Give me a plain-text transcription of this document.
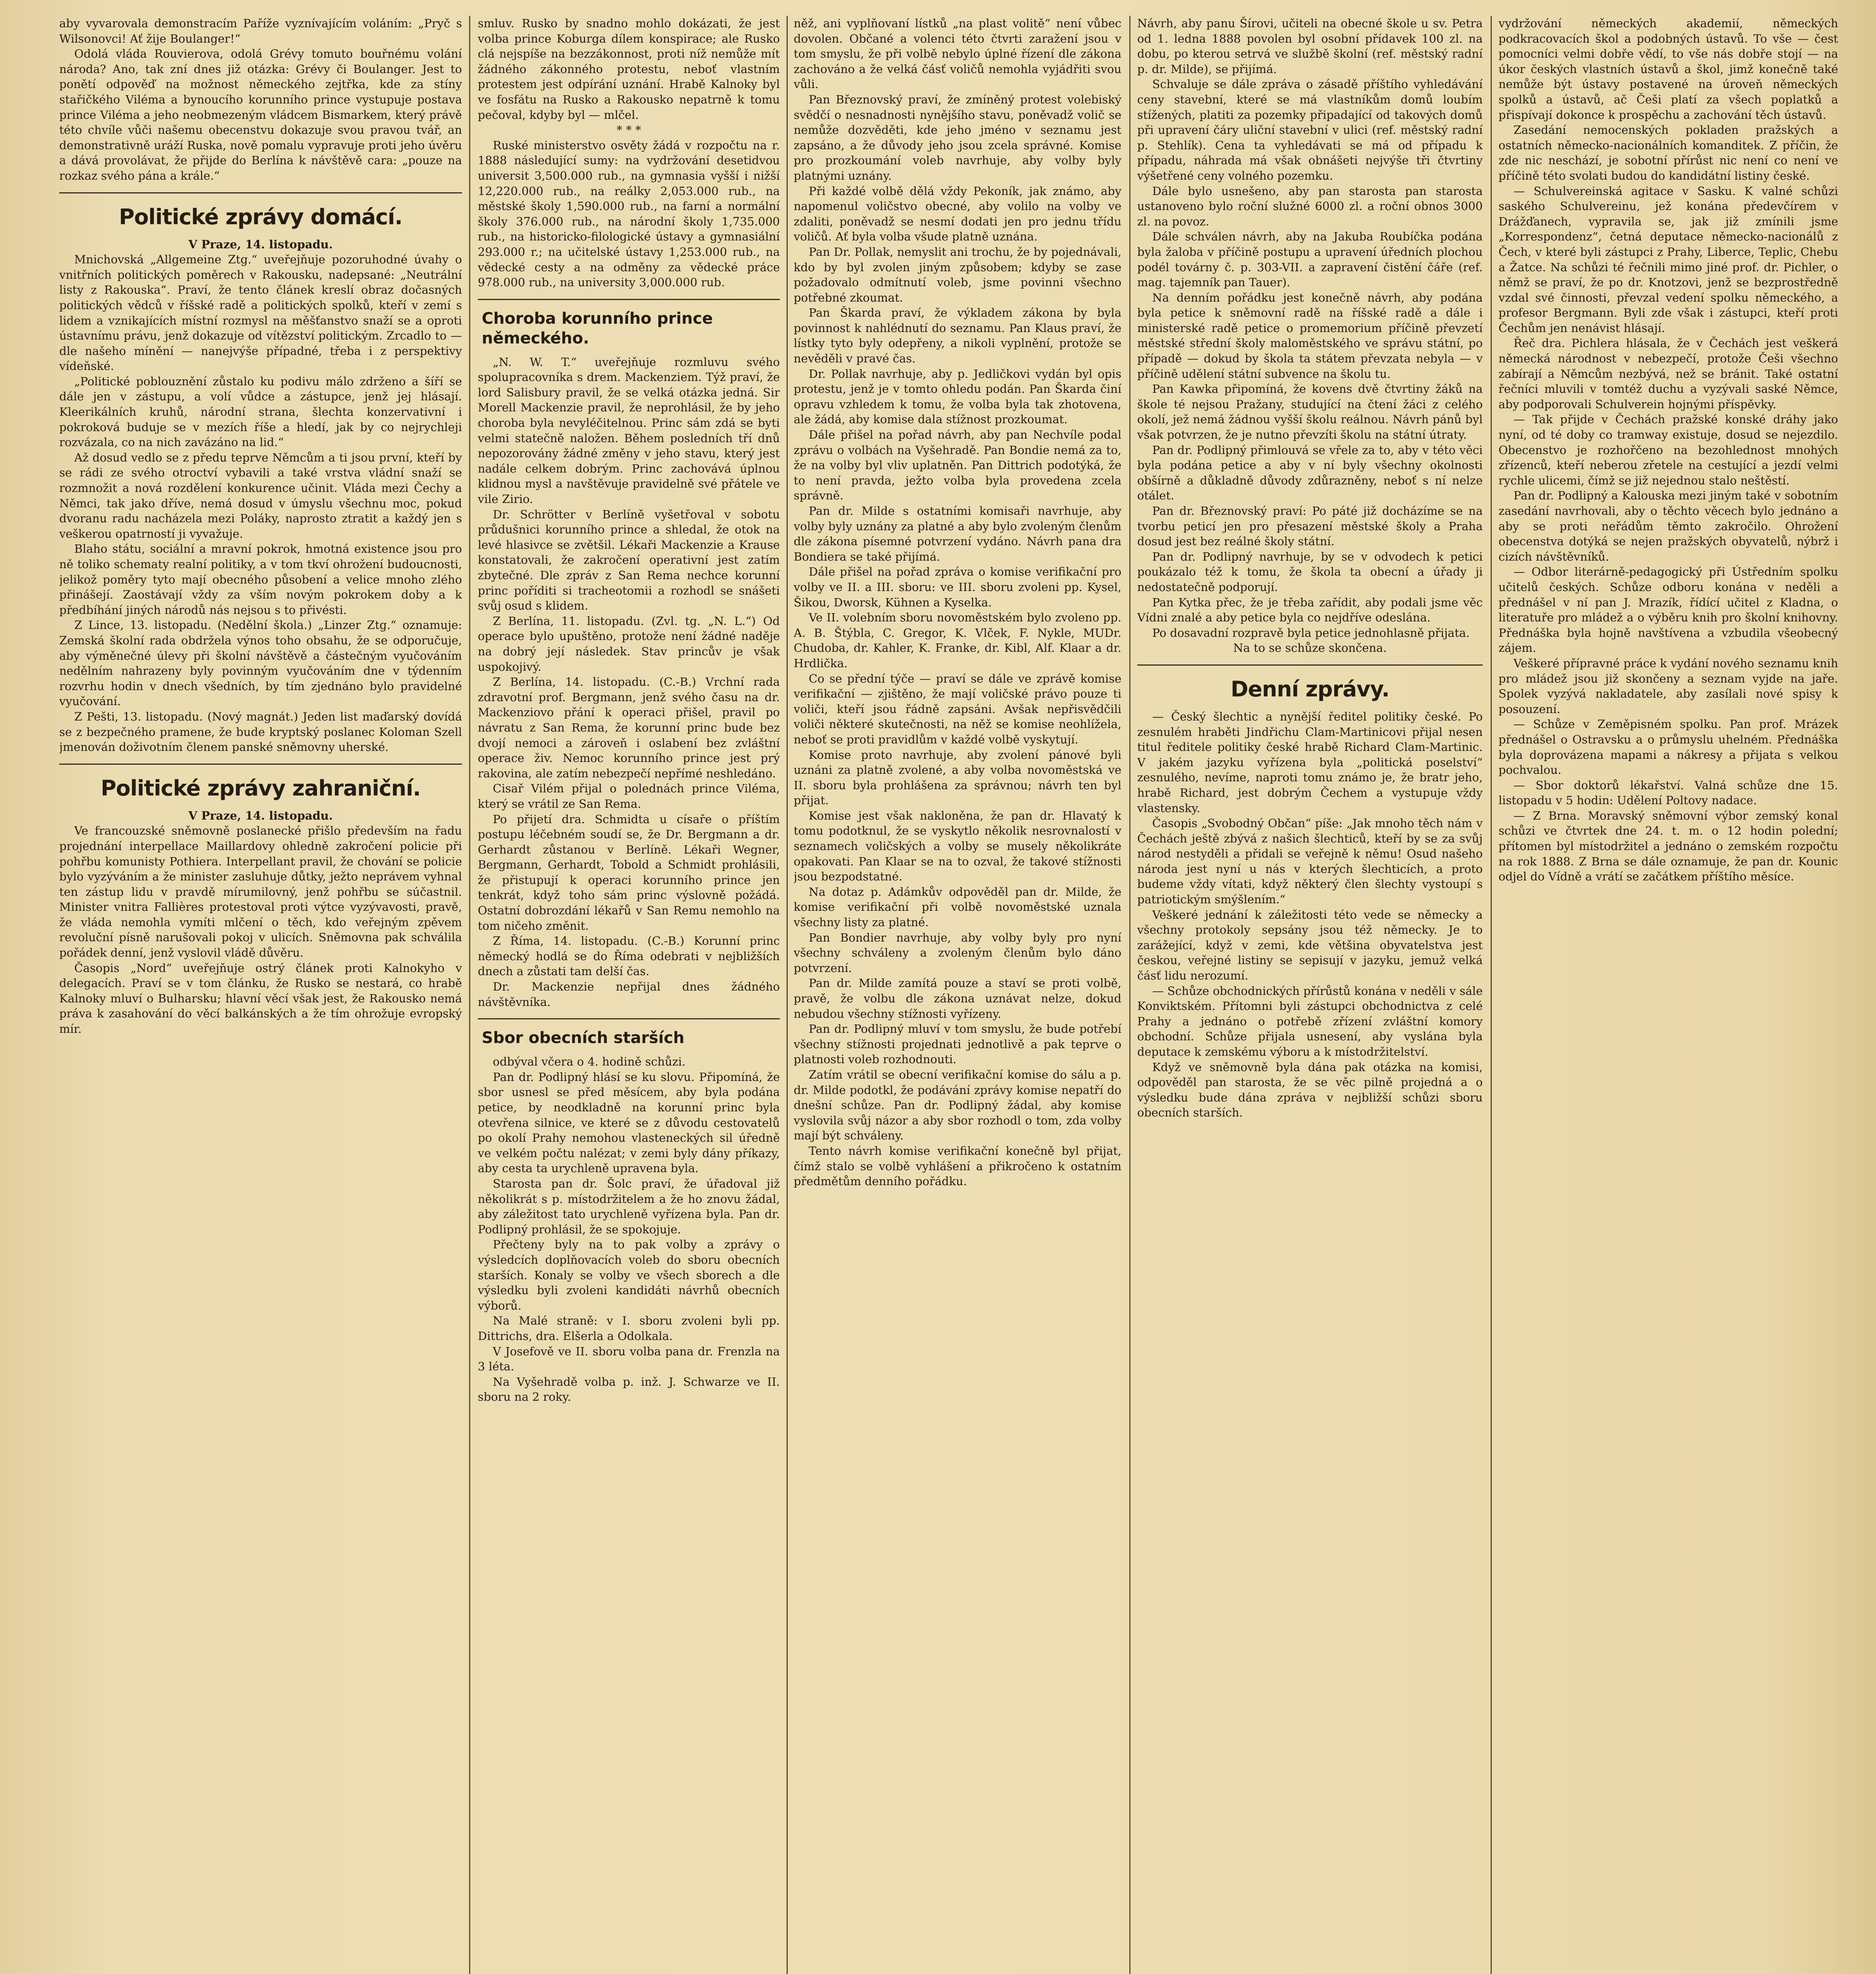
aby vyvarovala demonstracím Paříže vyznívajícím voláním: „Pryč s Wilsonovci! Ať žije Boulanger!“

Odolá vláda Rouvierova, odolá Grévy tomuto bouřnému volání národa? Ano, tak zní dnes již otázka: Grévy či Boulanger. Jest to ponětí odpověď na možnost německého zejtřka, kde za stíny stařičkého Viléma a bynoucího korunního prince vystupuje postava prince Viléma a jeho neobmezeným vládcem Bismarkem, který právě této chvíle vůči našemu obecenstvu dokazuje svou pravou tvář, an demonstrativně uráží Ruska, nově pomalu vypravuje proti jeho úvěru a dává provolávat, že přijde do Berlína k návštěvě cara: „pouze na rozkaz svého pána a krále.“

Politické zprávy domácí.

V Praze, 14. listopadu.

Mnichovská „Allgemeine Ztg.“ uveřejňuje pozoruhodné úvahy o vnitřních politických poměrech v Rakousku, nadepsané: „Neutrální listy z Rakouska“. Praví, že tento článek kreslí obraz dočasných politických vědců v říšské radě a politických spolků, kteří v zemí s lidem a vznikajících místní rozmysl na měšťanstvo snaží se a oproti ústavnímu právu, jenž dokazuje od vítězství politickým. Zrcadlo to — dle našeho mínění — nanejvýše případné, třeba i z perspektivy vídeňské.

„Politické poblouznění zůstalo ku podivu málo zdrženo a šíří se dále jen v zástupu, a volí vůdce a zástupce, jenž jej hlásají. Kleerikálních kruhů, národní strana, šlechta konzervativní i pokroková buduje se v mezích říše a hledí, jak by co nejrychleji rozvázala, co na nich zavázáno na lid.“

Až dosud vedlo se z předu teprve Němcům a ti jsou první, kteří by se rádi ze svého otroctví vybavili a také vrstva vládní snaží se rozmnožit a nová rozdělení konkurence učinit. Vláda mezi Čechy a Němci, tak jako dříve, nemá dosud v úmyslu všechnu moc, pokud dvoranu radu nacházela mezi Poláky, naprosto ztratit a každý jen s veškerou opatrností ji vyvažuje.

Blaho státu, sociální a mravní pokrok, hmotná existence jsou pro ně toliko schematy realní politiky, a v tom tkví ohrožení budoucnosti, jelikož poměry tyto mají obecného působení a velice mnoho zlého přinášejí. Zaostávají vždy za vším novým pokrokem doby a k předbíhání jiných národů nás nejsou s to přivésti.

Z Lince, 13. listopadu. (Nedělní škola.) „Linzer Ztg.“ oznamuje: Zemská školní rada obdržela výnos toho obsahu, že se odporučuje, aby výměnečné úlevy při školní návštěvě a částečným vyučováním nedělním nahrazeny byly povinným vyučováním dne v týdenním rozvrhu hodin v dnech všedních, by tím zjednáno bylo pravidelné vyučování.

Z Pešti, 13. listopadu. (Nový magnát.) Jeden list maďarský dovídá se z bezpečného pramene, že bude kryptský poslanec Koloman Szell jmenován doživotním členem panské sněmovny uherské.

Politické zprávy zahraniční.

V Praze, 14. listopadu.

Ve francouzské sněmovně poslanecké přišlo především na řadu projednání interpellace Maillardovy ohledně zakročení policie při pohřbu komunisty Pothiera. Interpellant pravil, že chování se policie bylo vyzýváním a že minister zasluhuje důtky, ježto neprávem vyhnal ten zástup lidu v pravdě mírumilovný, jenž pohřbu se súčastnil. Minister vnitra Fallières protestoval proti výtce vyzývavosti, pravě, že vláda nemohla vymíti mlčení o těch, kdo veřejným zpěvem revoluční písně narušovali pokoj v ulicích. Sněmovna pak schválila pořádek denní, jenž vyslovil vládě důvěru.

Časopis „Nord“ uveřejňuje ostrý článek proti Kalnokyho v delegacích. Praví se v tom článku, že Rusko se nestará, co hrabě Kalnoky mluví o Bulharsku; hlavní věcí však jest, že Rakousko nemá práva k zasahování do věcí balkánských a že tím ohrožuje evropský mír.

smluv. Rusko by snadno mohlo dokázati, že jest volba prince Koburga dílem konspirace; ale Rusko clá nejspíše na bezzákonnost, proti níž nemůže mít žádného zákonného protestu, neboť vlastním protestem jest odpírání uznání. Hrabě Kalnoky byl ve fosfátu na Rusko a Rakousko nepatrně k tomu pečoval, kdyby byl — mlčel.

* * *

Ruské ministerstvo osvěty žádá v rozpočtu na r. 1888 následující sumy: na vydržování desetidvou universit 3,500.000 rub., na gymnasia vyšší i nižší 12,220.000 rub., na reálky 2,053.000 rub., na městské školy 1,590.000 rub., na farní a normální školy 376.000 rub., na národní školy 1,735.000 rub., na historicko-filologické ústavy a gymnasiální 293.000 r.; na učitelské ústavy 1,253.000 rub., na vědecké cesty a na odměny za vědecké práce 978.000 rub., na university 3,000.000 rub.

Choroba korunního prince německého.

„N. W. T.“ uveřejňuje rozmluvu svého spolupracovníka s drem. Mackenziem. Týž praví, že lord Salisbury pravil, že se velká otázka jedná. Sir Morell Mackenzie pravil, že neprohlásil, že by jeho choroba byla nevyléčitelnou. Princ sám zdá se byti velmi statečně naložen. Během posledních tří dnů nepozorovány žádné změny v jeho stavu, který jest nadále celkem dobrým. Princ zachovává úplnou klidnou mysl a navštěvuje pravidelně své přátele ve vile Zirio.

Dr. Schrötter v Berlíně vyšetřoval v sobotu průdušnici korunního prince a shledal, že otok na levé hlasivce se zvětšil. Lékaři Mackenzie a Krause konstatovali, že zakročení operativní jest zatím zbytečné. Dle zpráv z San Rema nechce korunní princ poříditi si tracheotomii a rozhodl se snášeti svůj osud s klidem.

Z Berlína, 11. listopadu. (Zvl. tg. „N. L.“) Od operace bylo upuštěno, protože není žádné naděje na dobrý její následek. Stav princův je však uspokojivý.

Z Berlína, 14. listopadu. (C.-B.) Vrchní rada zdravotní prof. Bergmann, jenž svého času na dr. Mackenziovo přání k operaci přišel, pravil po návratu z San Rema, že korunní princ bude bez dvojí nemoci a zároveň i oslabení bez zvláštní operace živ. Nemoc korunního prince jest prý rakovina, ale zatím nebezpečí nepřímé neshledáno.

Cisař Vilém přijal o polednách prince Viléma, který se vrátil ze San Rema.

Po přijetí dra. Schmidta u císaře o příštím postupu léčebném soudí se, že Dr. Bergmann a dr. Gerhardt zůstanou v Berlíně. Lékaři Wegner, Bergmann, Gerhardt, Tobold a Schmidt prohlásili, že přistupují k operaci korunního prince jen tenkrát, když toho sám princ výslovně požádá. Ostatní dobrozdání lékařů v San Remu nemohlo na tom ničeho změnit.

Z Říma, 14. listopadu. (C.-B.) Korunní princ německý hodlá se do Říma odebrati v nejbližších dnech a zůstati tam delší čas.

Dr. Mackenzie nepřijal dnes žádného návštěvníka.

Sbor obecních starších

odbýval včera o 4. hodině schůzi.

Pan dr. Podlipný hlásí se ku slovu. Připomíná, že sbor usnesl se před měsícem, aby byla podána petice, by neodkladně na korunní princ byla otevřena silnice, ve které se z důvodu cestovatelů po okolí Prahy nemohou vlasteneckých sil úředně ve velkém počtu nalézat; v zemi byly dány příkazy, aby cesta ta urychleně upravena byla.

Starosta pan dr. Šolc praví, že úřadoval již několikrát s p. místodržitelem a že ho znovu žádal, aby záležitost tato urychleně vyřízena byla. Pan dr. Podlipný prohlásil, že se spokojuje.

Přečteny byly na to pak volby a zprávy o výsledcích doplňovacích voleb do sboru obecních starších. Konaly se volby ve všech sborech a dle výsledku byli zvoleni kandidáti návrhů obecních výborů.

Na Malé straně: v I. sboru zvoleni byli pp. Dittrichs, dra. Elšerla a Odolkala.

V Josefově ve II. sboru volba pana dr. Frenzla na 3 léta.

Na Vyšehradě volba p. inž. J. Schwarze ve II. sboru na 2 roky.

něž, ani vyplňovaní lístků „na plast volitě“ není vůbec dovolen. Občané a volenci této čtvrti zaražení jsou v tom smyslu, že při volbě nebylo úplné řízení dle zákona zachováno a že velká čásť voličů nemohla vyjádřiti svou vůli.

Pan Březnovský praví, že zmíněný protest volebiský svědčí o nesnadnosti nynějšího stavu, poněvadž volič se nemůže dozvěděti, kde jeho jméno v seznamu jest zapsáno, a že důvody jeho jsou zcela správné. Komise pro prozkoumání voleb navrhuje, aby volby byly platnými uznány.

Při každé volbě dělá vždy Pekoník, jak známo, aby napomenul voličstvo obecné, aby volilo na volby ve zdaliti, poněvadž se nesmí dodati jen pro jednu třídu voličů. Ať byla volba všude platně uznána.

Pan Dr. Pollak, nemyslit ani trochu, že by pojednávali, kdo by byl zvolen jiným způsobem; kdyby se zase požadovalo odmítnutí voleb, jsme povinni všechno potřebné zkoumat.

Pan Škarda praví, že výkladem zákona by byla povinnost k nahlédnutí do seznamu. Pan Klaus praví, že lístky tyto byly odepřeny, a nikoli vyplnění, protože se nevěděli v pravé čas.

Dr. Pollak navrhuje, aby p. Jedličkovi vydán byl opis protestu, jenž je v tomto ohledu podán. Pan Škarda činí opravu vzhledem k tomu, že volba byla tak zhotovena, ale žádá, aby komise dala stížnost prozkoumat.

Dále přišel na pořad návrh, aby pan Nechvíle podal zprávu o volbách na Vyšehradě. Pan Bondie nemá za to, že na volby byl vliv uplatněn. Pan Dittrich podotýká, že to není pravda, ježto volba byla provedena zcela správně.

Pan dr. Milde s ostatními komisaři navrhuje, aby volby byly uznány za platné a aby bylo zvoleným členům dle zákona písemné potvrzení vydáno. Návrh pana dra Bondiera se také přijímá.

Dále přišel na pořad zpráva o komise verifikační pro volby ve II. a III. sboru: ve III. sboru zvoleni pp. Kysel, Šikou, Dworsk, Kühnen a Kyselka.

Ve II. volebním sboru novoměstském bylo zvoleno pp. A. B. Štýbla, C. Gregor, K. Vlček, F. Nykle, MUDr. Chudoba, dr. Kahler, K. Franke, dr. Kibl, Alf. Klaar a dr. Hrdlička.

Co se přední týče — praví se dále ve zprávě komise verifikační — zjištěno, že mají voličské právo pouze ti voliči, kteří jsou řádně zapsáni. Avšak nepřisvědčili voliči některé skutečnosti, na něž se komise neohlížela, neboť se proti pravidlům v každé volbě vyskytují.

Komise proto navrhuje, aby zvolení pánové byli uznáni za platně zvolené, a aby volba novoměstská ve II. sboru byla prohlášena za správnou; návrh ten byl přijat.

Komise jest však nakloněna, že pan dr. Hlavatý k tomu podotknul, že se vyskytlo několik nesrovnalostí v seznamech voličských a volby se musely několikráte opakovati. Pan Klaar se na to ozval, že takové stížnosti jsou bezpodstatné.

Na dotaz p. Adámkův odpověděl pan dr. Milde, že komise verifikační při volbě novoměstské uznala všechny listy za platné.

Pan Bondier navrhuje, aby volby byly pro nyní všechny schváleny a zvoleným členům bylo dáno potvrzení.

Pan dr. Milde zamítá pouze a staví se proti volbě, pravě, že volbu dle zákona uznávat nelze, dokud nebudou všechny stížnosti vyřízeny.

Pan dr. Podlipný mluví v tom smyslu, že bude potřebí všechny stížnosti projednati jednotlivě a pak teprve o platnosti voleb rozhodnouti.

Zatím vrátil se obecní verifikační komise do sálu a p. dr. Milde podotkl, že podávání zprávy komise nepatří do dnešní schůze. Pan dr. Podlipný žádal, aby komise vyslovila svůj názor a aby sbor rozhodl o tom, zda volby mají být schváleny.

Tento návrh komise verifikační konečně byl přijat, čímž stalo se volbě vyhlášení a přikročeno k ostatním předmětům denního pořádku.

Návrh, aby panu Šírovi, učiteli na obecné škole u sv. Petra od 1. ledna 1888 povolen byl osobní přídavek 100 zl. na dobu, po kterou setrvá ve službě školní (ref. městský radní p. dr. Milde), se přijímá.

Schvaluje se dále zpráva o zásadě příštího vyhledávání ceny stavební, které se má vlastníkům domů loubím stížených, platiti za pozemky připadající od takových domů při upravení čáry uliční stavební v ulici (ref. městský radní p. Stehlík). Cena ta vyhledávati se má od případu k případu, náhrada má však obnášeti nejvýše tři čtvrtiny výšetřené ceny volného pozemku.

Dále bylo usnešeno, aby pan starosta pan starosta ustanoveno bylo roční služné 6000 zl. a roční obnos 3000 zl. na povoz.

Dále schválen návrh, aby na Jakuba Roubíčka podána byla žaloba v příčině postupu a upravení úředních plochou podél továrny č. p. 303-VII. a zapravení čistění čáře (ref. mag. tajemník pan Tauer).

Na denním pořádku jest konečně návrh, aby podána byla petice k sněmovní radě na říšské radě a dále i ministerské radě petice o promemorium příčině převzetí městské střední školy maloměstského ve správu státní, po případě — dokud by škola ta státem převzata nebyla — v příčině udělení státní subvence na školu tu.

Pan Kawka připomíná, že kovens dvě čtvrtiny žáků na škole té nejsou Pražany, studující na čtení žáci z celého okolí, jež nemá žádnou vyšší školu reálnou. Návrh pánů byl však potvrzen, že je nutno převzíti školu na státní útraty.

Pan dr. Podlipný přimlouvá se vřele za to, aby v této věci byla podána petice a aby v ní byly všechny okolnosti obšírně a důkladně důvody zdůrazněny, neboť s ní nelze otálet.

Pan dr. Březnovský praví: Po páté již docházíme se na tvorbu peticí jen pro přesazení městské školy a Praha dosud jest bez reálné školy státní.

Pan dr. Podlipný navrhuje, by se v odvodech k petici poukázalo též k tomu, že škola ta obecní a úřady ji nedostatečně podporují.

Pan Kytka přec, že je třeba zařídit, aby podali jsme věc Vídni znalé a aby petice byla co nejdříve odeslána.

Po dosavadní rozpravě byla petice jednohlasně přijata.

Na to se schůze skončena.

Denní zprávy.

— Český šlechtic a nynější ředitel politiky české. Po zesnulém hraběti Jindřichu Clam-Martinicovi přijal nesen titul ředitele politiky české hrabě Richard Clam-Martinic. V jakém jazyku vyřízena byla „politická poselství“ zesnulého, nevíme, naproti tomu známo je, že bratr jeho, hrabě Richard, jest dobrým Čechem a vystupuje vždy vlastensky.

Časopis „Svobodný Občan“ píše: „Jak mnoho těch nám v Čechách ještě zbývá z našich šlechticů, kteří by se za svůj národ nestyděli a přidali se veřejně k němu! Osud našeho národa jest nyní u nás v kterých šlechticích, a proto budeme vždy vítati, když některý člen šlechty vystoupí s patriotickým smýšlením.“

Veškeré jednání k záležitosti této vede se německy a všechny protokoly sepsány jsou též německy. Je to zarážející, když v zemi, kde většina obyvatelstva jest českou, veřejné listiny se sepisují v jazyku, jemuž velká čásť lidu nerozumí.

— Schůze obchodnických přírůstů konána v neděli v sále Konviktském. Přítomni byli zástupci obchodnictva z celé Prahy a jednáno o potřebě zřízení zvláštní komory obchodní. Schůze přijala usnesení, aby vyslána byla deputace k zemskému výboru a k místodržitelství.

Když ve sněmovně byla dána pak otázka na komisi, odpověděl pan starosta, že se věc pilně projedná a o výsledku bude dána zpráva v nejbližší schůzi sboru obecních starších.

vydržování německých akademií, německých podkracovacích škol a podobných ústavů. To vše — čest pomocníci velmi dobře vědí, to vše nás dobře stojí — na úkor českých vlastních ústavů a škol, jimž konečně také nemůže být ústavy postavené na úroveň německých spolků a ústavů, ač Češi platí za všech poplatků a přispívají dokonce k prospěchu a zachování těch ústavů.

Zasedání nemocenských pokladen pražských a ostatních německo-nacionálních komanditek. Z příčin, že zde nic neschází, je sobotní přírůst nic není co není ve příčině této svolati budou do kandidátní listiny české.

— Schulvereinská agitace v Sasku. K valné schůzi saského Schulvereinu, jež konána předevčírem v Drážďanech, vypravila se, jak již zmínili jsme „Korrespondenz“, četná deputace německo-nacionálů z Čech, v které byli zástupci z Prahy, Liberce, Teplic, Chebu a Žatce. Na schůzi té řečnili mimo jiné prof. dr. Pichler, o němž se praví, že po dr. Knotzovi, jenž se bezprostředně vzdal své činnosti, převzal vedení spolku německého, a profesor Bergmann. Byli zde však i zástupci, kteří proti Čechům jen nenávist hlásají.

Řeč dra. Pichlera hlásala, že v Čechách jest veškerá německá národnost v nebezpečí, protože Češi všechno zabírají a Němcům nezbývá, než se bránit. Také ostatní řečníci mluvili v tomtéž duchu a vyzývali saské Němce, aby podporovali Schulverein hojnými příspěvky.

— Tak přijde v Čechách pražské konské dráhy jako nyní, od té doby co tramway existuje, dosud se nejezdilo. Obecenstvo je rozhořčeno na bezohlednost mnohých zřízenců, kteří neberou zřetele na cestující a jezdí velmi rychle ulicemi, čímž se již nejednou stalo neštěstí.

Pan dr. Podlipný a Kalouska mezi jiným také v sobotním zasedání navrhovali, aby o těchto věcech bylo jednáno a aby se proti neřádům těmto zakročilo. Ohrožení obecenstva dotýká se nejen pražských obyvatelů, nýbrž i cizích návštěvníků.

— Odbor literárně-pedagogický při Ústředním spolku učitelů českých. Schůze odboru konána v neděli a přednášel v ní pan J. Mrazík, řídící učitel z Kladna, o literatuře pro mládež a o výběru knih pro školní knihovny. Přednáška byla hojně navštívena a vzbudila všeobecný zájem.

Veškeré přípravné práce k vydání nového seznamu knih pro mládež jsou již skončeny a seznam vyjde na jaře. Spolek vyzývá nakladatele, aby zasílali nové spisy k posouzení.

— Schůze v Zeměpisném spolku. Pan prof. Mrázek přednášel o Ostravsku a o průmyslu uhelném. Přednáška byla doprovázena mapami a nákresy a přijata s velkou pochvalou.

— Sbor doktorů lékařství. Valná schůze dne 15. listopadu v 5 hodin: Udělení Poltovy nadace.

— Z Brna. Moravský sněmovní výbor zemský konal schůzi ve čtvrtek dne 24. t. m. o 12 hodin polední; přítomen byl místodržitel a jednáno o zemském rozpočtu na rok 1888. Z Brna se dále oznamuje, že pan dr. Kounic odjel do Vídně a vrátí se začátkem příštího měsíce.
